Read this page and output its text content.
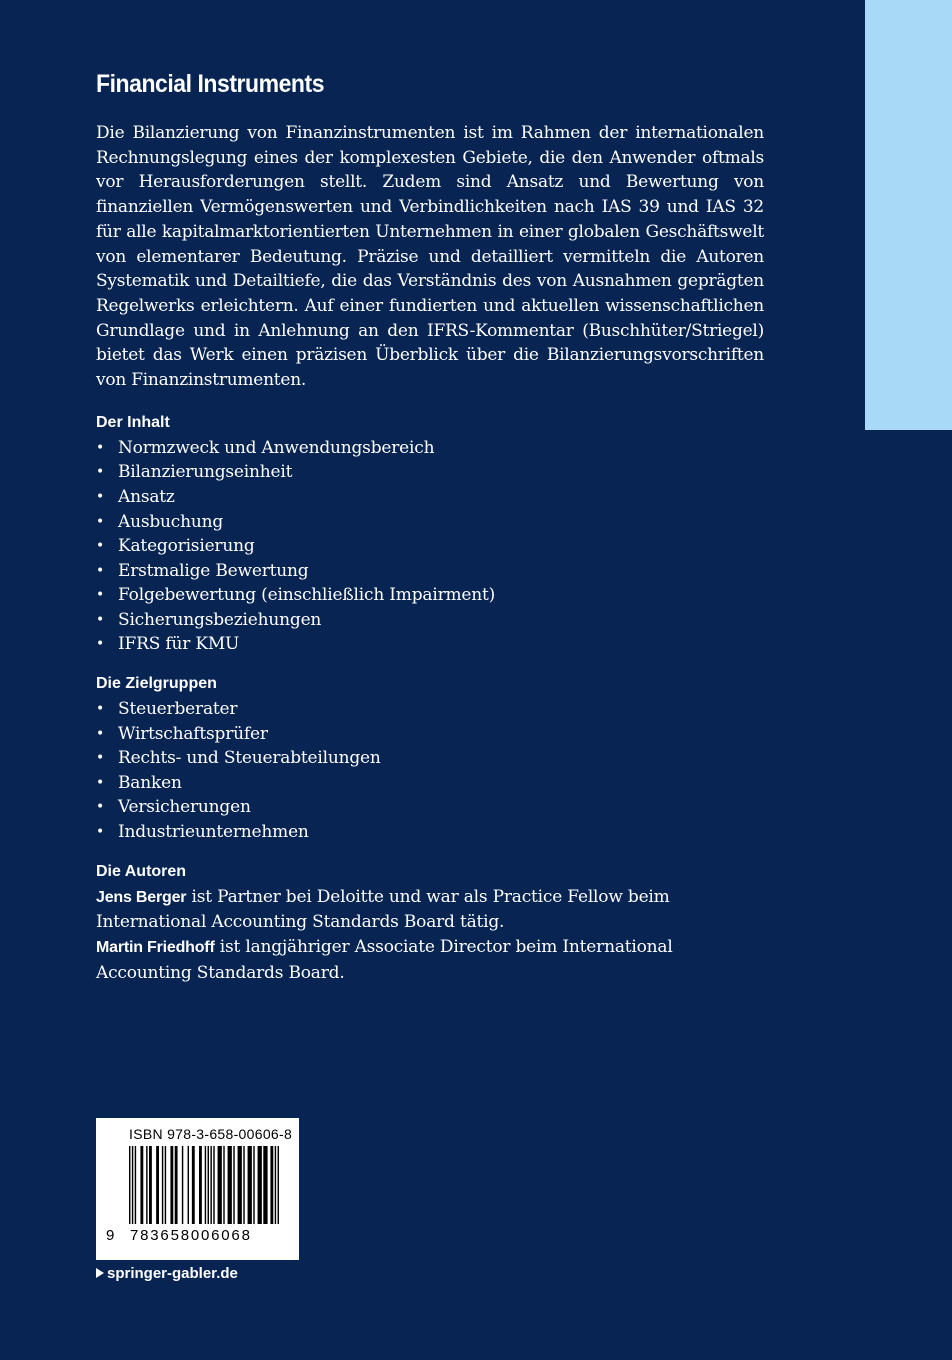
Financial Instruments

Die Bilanzierung von Finanzinstrumenten ist im Rahmen der internationalen Rechnungslegung eines der komplexesten Gebiete, die den Anwender oftmals vor Herausforderungen stellt. Zudem sind Ansatz und Bewertung von finanziellen Vermögenswerten und Verbindlichkeiten nach IAS 39 und IAS 32 für alle kapitalmarktorientierten Unternehmen in einer globalen Geschäftswelt von elementarer Bedeutung. Präzise und detailliert vermitteln die Autoren Systematik und Detailtiefe, die das Verständnis des von Ausnahmen geprägten Regelwerks erleichtern. Auf einer fundierten und aktuellen wissenschaftlichen Grundlage und in Anlehnung an den IFRS-Kommentar (Buschhüter/Striegel) bietet das Werk einen präzisen Überblick über die Bilanzierungsvorschriften von Finanzinstrumenten.

Der Inhalt
• Normzweck und Anwendungsbereich
• Bilanzierungseinheit
• Ansatz
• Ausbuchung
• Kategorisierung
• Erstmalige Bewertung
• Folgebewertung (einschließlich Impairment)
• Sicherungsbeziehungen
• IFRS für KMU
Die Zielgruppen
• Steuerberater
• Wirtschaftsprüfer
• Rechts- und Steuerabteilungen
• Banken
• Versicherungen
• Industrieunternehmen
Die Autoren

Jens Berger ist Partner bei Deloitte und war als Practice Fellow beim International Accounting Standards Board tätig.

Martin Friedhoff ist langjähriger Associate Director beim International Accounting Standards Board.

ISBN 978-3-658-00606-8
9 783658006068
springer-gabler.de
